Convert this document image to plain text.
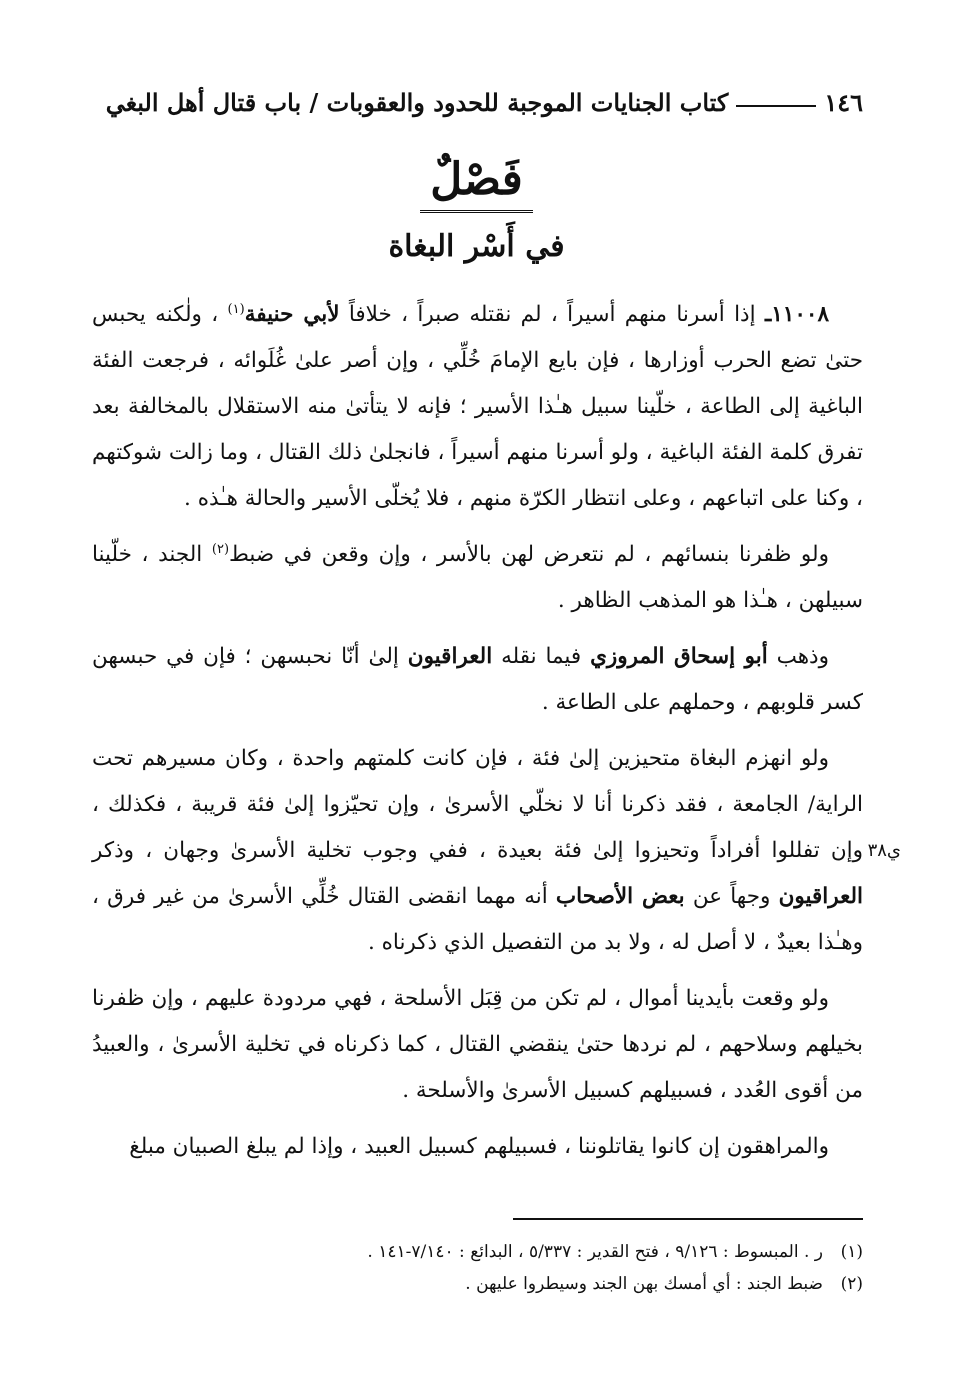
١٤٦
كتاب الجنايات الموجبة للحدود والعقوبات / باب قتال أهل البغي
فَصْلٌ
في أَسْر البغاة

١١٠٠٨ـ إذا أسرنا منهم أسيراً ، لم نقتله صبراً ، خلافاً لأبي حنيفة$^{(١)}$ ، ولٰكنه يحبس حتىٰ تضع الحرب أوزارها ، فإن بايع الإمامَ خُلِّي ، وإن أصر علىٰ غُلَوائه ، فرجعت الفئة الباغية إلى الطاعة ، خلّينا سبيل هـٰذا الأسير ؛ فإنه لا يتأتىٰ منه الاستقلال بالمخالفة بعد تفرق كلمة الفئة الباغية ، ولو أسرنا منهم أسيراً ، فانجلىٰ ذلك القتال ، وما زالت شوكتهم ، وكنا على اتباعهم ، وعلى انتظار الكرّة منهم ، فلا يُخلّى الأسير والحالة هـٰذه .

ولو ظفرنا بنسائهم ، لم نتعرض لهن بالأسر ، وإن وقعن في ضبط$^{(٢)}$ الجند ، خلّينا سبيلهن ، هـٰذا هو المذهب الظاهر .

وذهب أبو إسحاق المروزي فيما نقله العراقيون إلىٰ أنّا نحبسهن ؛ فإن في حبسهن كسر قلوبهم ، وحملهم على الطاعة .

ولو انهزم البغاة متحيزين إلىٰ فئة ، فإن كانت كلمتهم واحدة ، وكان مسيرهم تحت الراية/ الجامعة ، فقد ذكرنا أنا لا نخلّي الأسرىٰ ، وإن تحيّزوا إلىٰ فئة قريبة ، فكذلك ، وإن تفللوا أفراداً وتحيزوا إلىٰ فئة بعيدة ، ففي وجوب تخلية الأسرىٰ وجهان ، وذكر العراقيون وجهاً عن بعض الأصحاب أنه مهما انقضى القتال خُلِّي الأسرىٰ من غير فرق ، وهـٰذا بعيدٌ ، لا أصل له ، ولا بد من التفصيل الذي ذكرناه .

ولو وقعت بأيدينا أموال ، لم تكن من قِبَل الأسلحة ، فهي مردودة عليهم ، وإن ظفرنا بخيلهم وسلاحهم ، لم نردها حتىٰ ينقضي القتال ، كما ذكرناه في تخلية الأسرىٰ ، والعبيدُ من أقوى العُدد ، فسبيلهم كسبيل الأسرىٰ والأسلحة .

والمراهقون إن كانوا يقاتلوننا ، فسبيلهم كسبيل العبيد ، وإذا لم يبلغ الصبيان مبلغ

ي٣٨

(١)ر . المبسوط : ٩/١٢٦ ، فتح القدير : ٥/٣٣٧ ، البدائع : ٧/١٤٠-١٤١ .

(٢)ضبط الجند : أي أمسك بهن الجند وسيطروا عليهن .
